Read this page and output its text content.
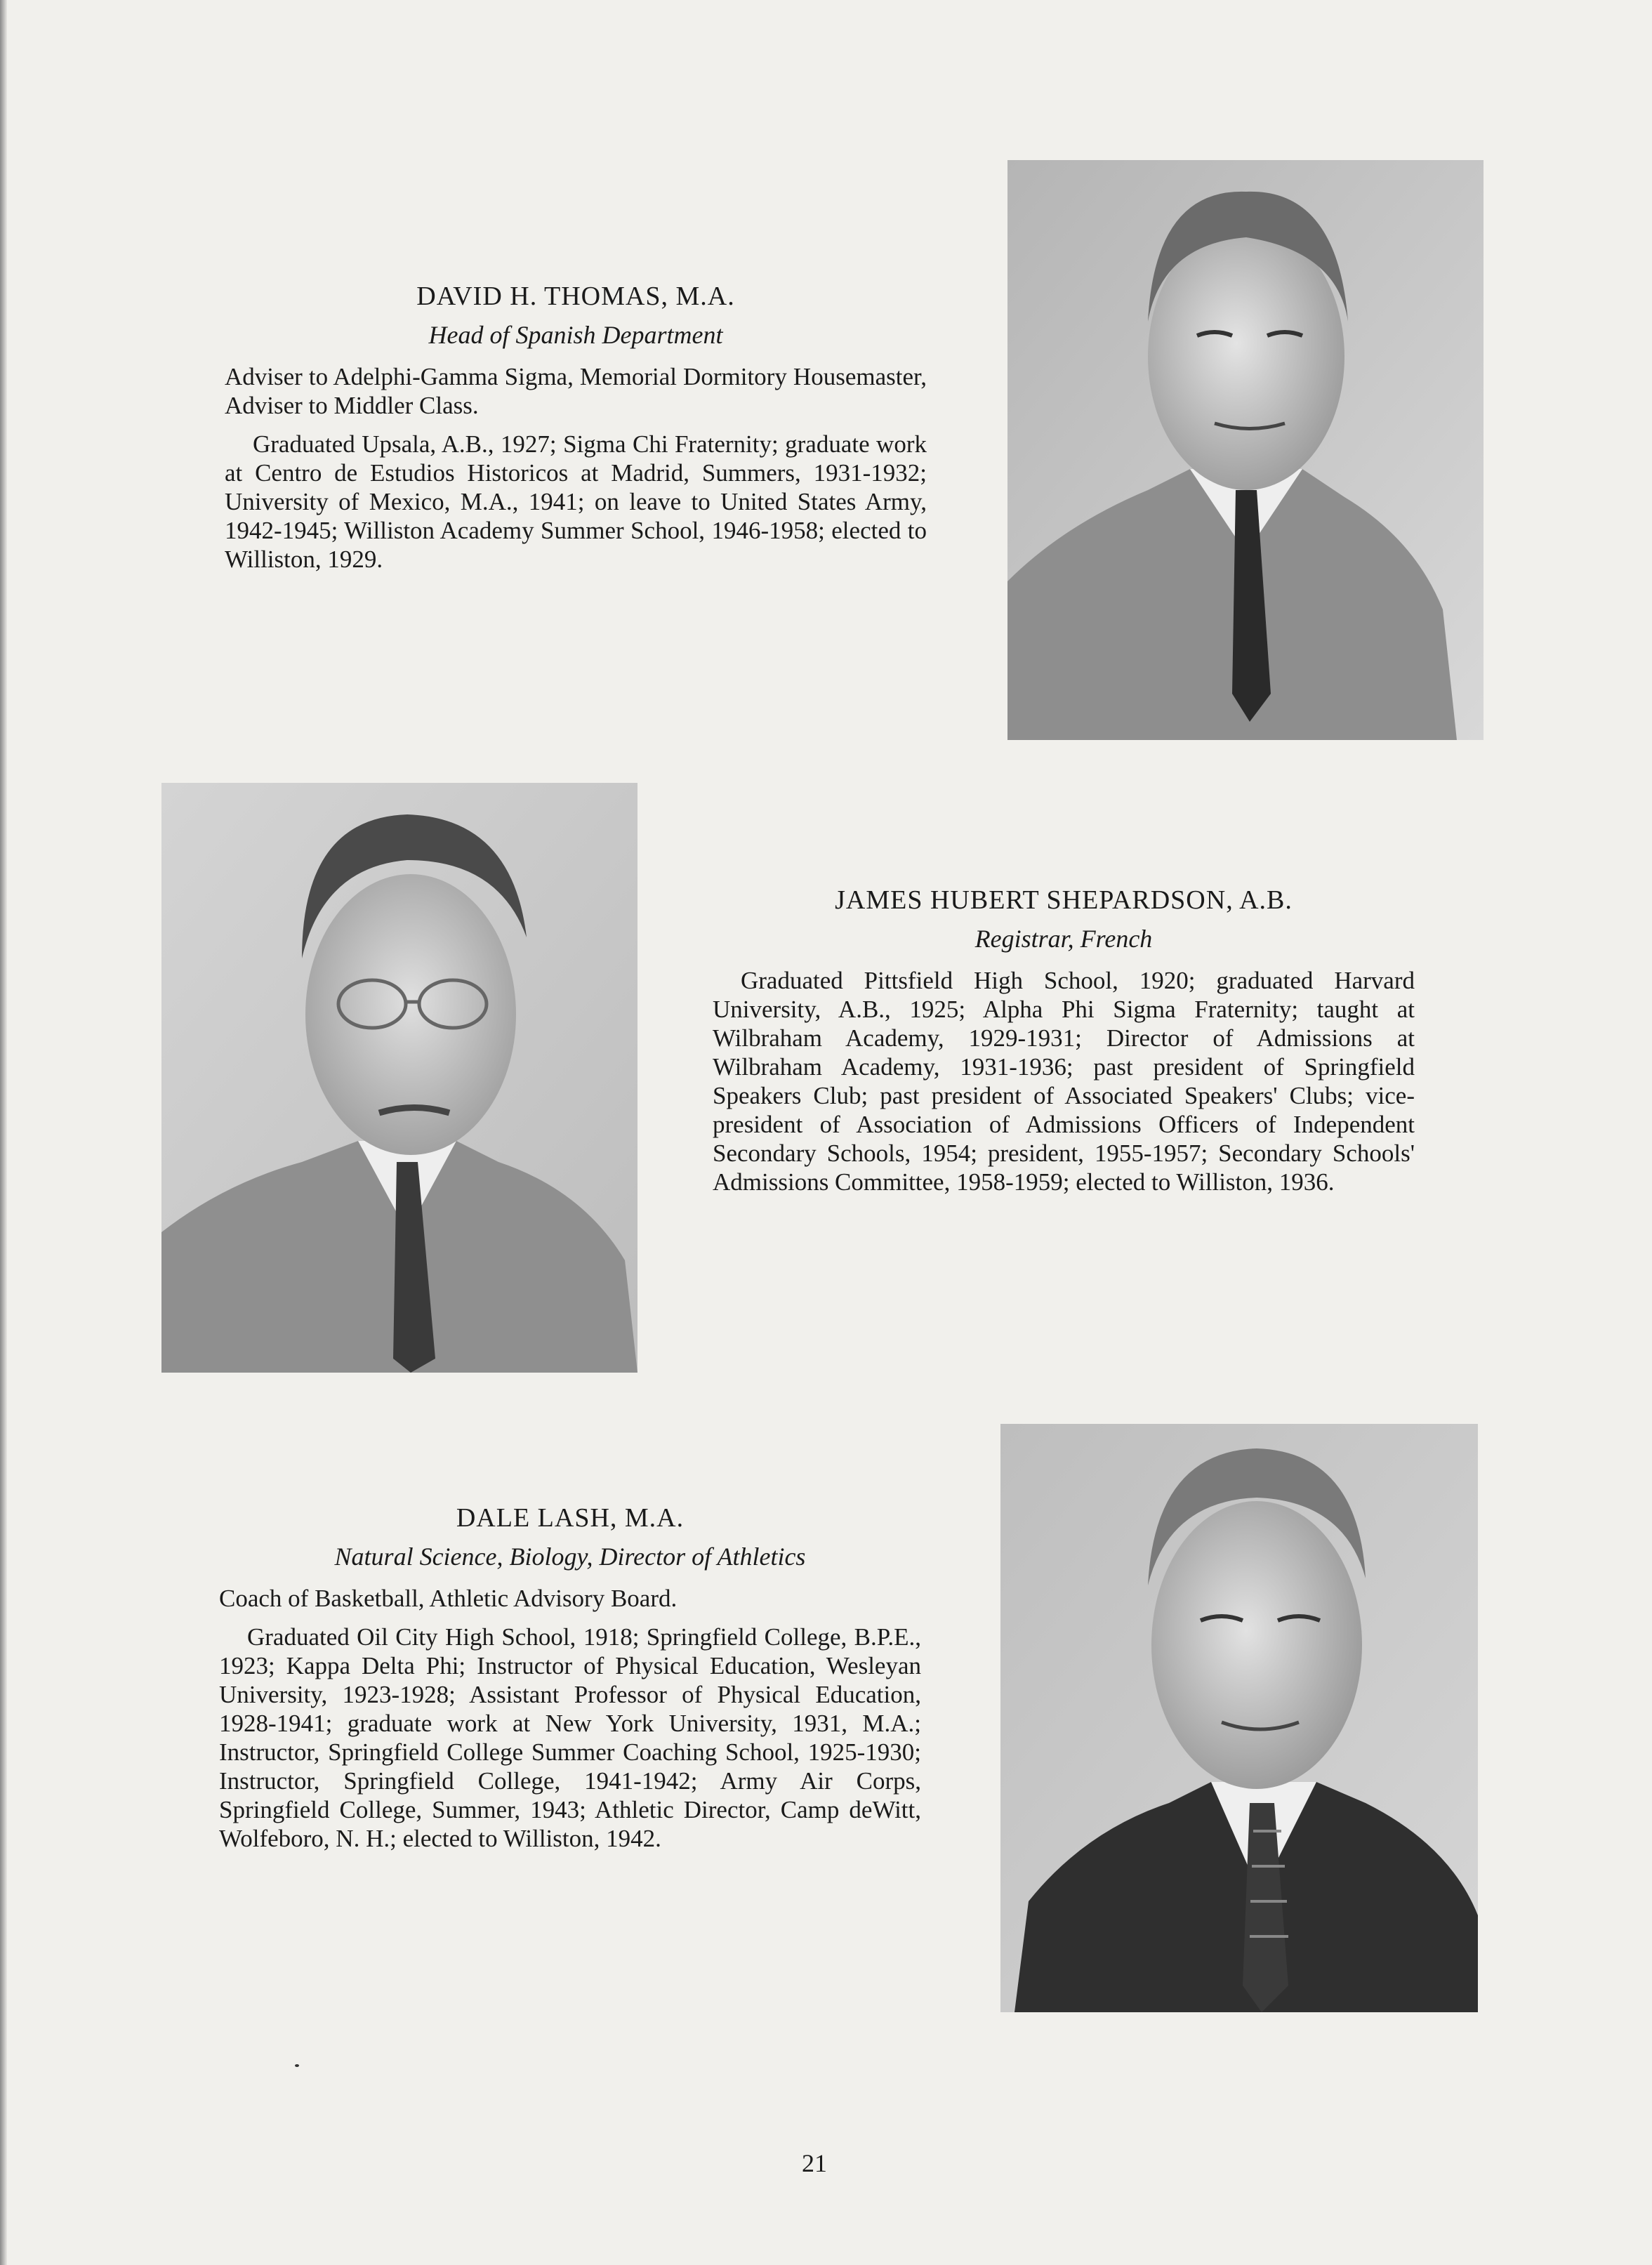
DAVID H. THOMAS, M.A.
Head of Spanish Department

Adviser to Adelphi-Gamma Sigma, Memorial Dormitory Housemaster, Adviser to Middler Class.

Graduated Upsala, A.B., 1927; Sigma Chi Fraternity; graduate work at Centro de Estudios Historicos at Madrid, Summers, 1931-1932; University of Mexico, M.A., 1941; on leave to United States Army, 1942-1945; Williston Academy Summer School, 1946-1958; elected to Williston, 1929.

JAMES HUBERT SHEPARDSON, A.B.
Registrar, French

Graduated Pittsfield High School, 1920; graduated Harvard University, A.B., 1925; Alpha Phi Sigma Fraternity; taught at Wilbraham Academy, 1929-1931; Director of Admissions at Wilbraham Academy, 1931-1936; past president of Springfield Speakers Club; past president of Associated Speakers' Clubs; vice-president of Association of Admissions Officers of Independent Secondary Schools, 1954; president, 1955-1957; Secondary Schools' Admissions Committee, 1958-1959; elected to Williston, 1936.

DALE LASH, M.A.
Natural Science, Biology, Director of Athletics

Coach of Basketball, Athletic Advisory Board.

Graduated Oil City High School, 1918; Springfield College, B.P.E., 1923; Kappa Delta Phi; Instructor of Physical Education, Wesleyan University, 1923-1928; Assistant Professor of Physical Education, 1928-1941; graduate work at New York University, 1931, M.A.; Instructor, Springfield College Summer Coaching School, 1925-1930; Instructor, Springfield College, 1941-1942; Army Air Corps, Springfield College, Summer, 1943; Athletic Director, Camp deWitt, Wolfeboro, N. H.; elected to Williston, 1942.

21
